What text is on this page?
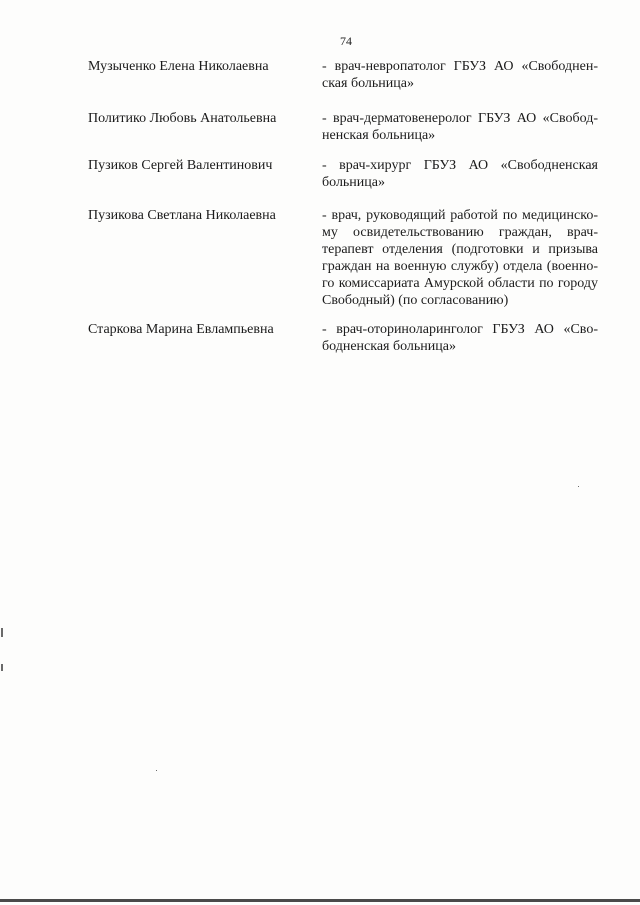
74
Музыченко Елена Николаевна	- врач-невропатолог ГБУЗ АО «Свободнен-ская больница»
Политико Любовь Анатольевна	- врач-дерматовенеролог ГБУЗ АО «Свобод-ненская больница»
Пузиков Сергей Валентинович	- врач-хирург ГБУЗ АО «Свободненская больница»
Пузикова Светлана Николаевна	- врач, руководящий работой по медицинско-му освидетельствованию граждан, врач-терапевт отделения (подготовки и призыва граждан на военную службу) отдела (военно-го комиссариата Амурской области по городу Свободный) (по согласованию)
Старкова Марина Евлампьевна	- врач-оториноларинголог ГБУЗ АО «Сво-бодненская больница»
